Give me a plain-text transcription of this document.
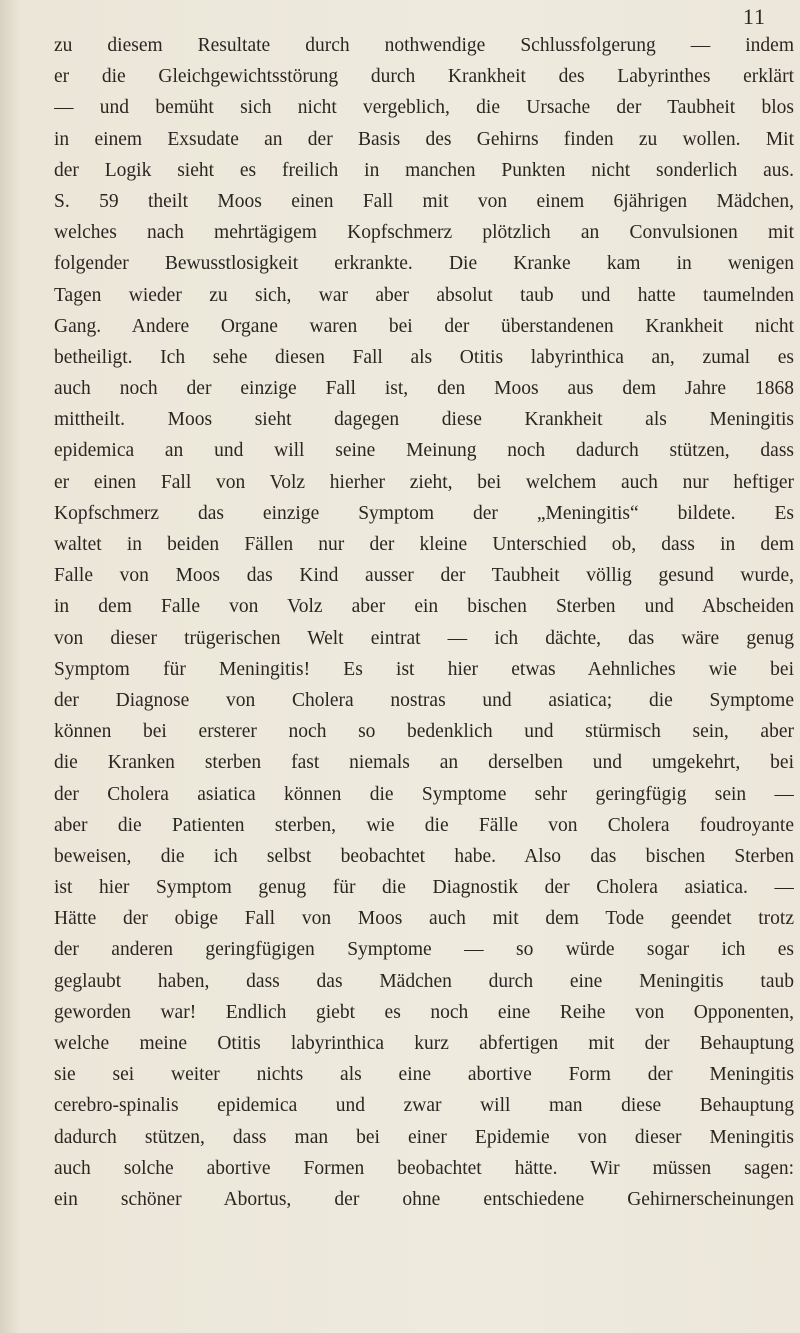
11
zu diesem Resultate durch nothwendige Schlussfolgerung — indem
er die Gleichgewichtsstörung durch Krankheit des Labyrinthes erklärt
— und bemüht sich nicht vergeblich, die Ursache der Taubheit blos
in einem Exsudate an der Basis des Gehirns finden zu wollen. Mit
der Logik sieht es freilich in manchen Punkten nicht sonderlich aus.
S. 59 theilt Moos einen Fall mit von einem 6jährigen Mädchen,
welches nach mehrtägigem Kopfschmerz plötzlich an Convulsionen mit
folgender Bewusstlosigkeit erkrankte. Die Kranke kam in wenigen
Tagen wieder zu sich, war aber absolut taub und hatte taumelnden
Gang. Andere Organe waren bei der überstandenen Krankheit nicht
betheiligt. Ich sehe diesen Fall als Otitis labyrinthica an, zumal es
auch noch der einzige Fall ist, den Moos aus dem Jahre 1868
mittheilt. Moos sieht dagegen diese Krankheit als Meningitis
epidemica an und will seine Meinung noch dadurch stützen, dass
er einen Fall von Volz hierher zieht, bei welchem auch nur heftiger
Kopfschmerz das einzige Symptom der „Meningitis“ bildete. Es
waltet in beiden Fällen nur der kleine Unterschied ob, dass in dem
Falle von Moos das Kind ausser der Taubheit völlig gesund wurde,
in dem Falle von Volz aber ein bischen Sterben und Abscheiden
von dieser trügerischen Welt eintrat — ich dächte, das wäre genug
Symptom für Meningitis! Es ist hier etwas Aehnliches wie bei
der Diagnose von Cholera nostras und asiatica; die Symptome
können bei ersterer noch so bedenklich und stürmisch sein, aber
die Kranken sterben fast niemals an derselben und umgekehrt, bei
der Cholera asiatica können die Symptome sehr geringfügig sein —
aber die Patienten sterben, wie die Fälle von Cholera foudroyante
beweisen, die ich selbst beobachtet habe. Also das bischen Sterben
ist hier Symptom genug für die Diagnostik der Cholera asiatica. —
Hätte der obige Fall von Moos auch mit dem Tode geendet trotz
der anderen geringfügigen Symptome — so würde sogar ich es
geglaubt haben, dass das Mädchen durch eine Meningitis taub
geworden war! Endlich giebt es noch eine Reihe von Opponenten,
welche meine Otitis labyrinthica kurz abfertigen mit der Behauptung
sie sei weiter nichts als eine abortive Form der Meningitis
cerebro-spinalis epidemica und zwar will man diese Behauptung
dadurch stützen, dass man bei einer Epidemie von dieser Meningitis
auch solche abortive Formen beobachtet hätte. Wir müssen sagen:
ein schöner Abortus, der ohne entschiedene Gehirnerscheinungen
